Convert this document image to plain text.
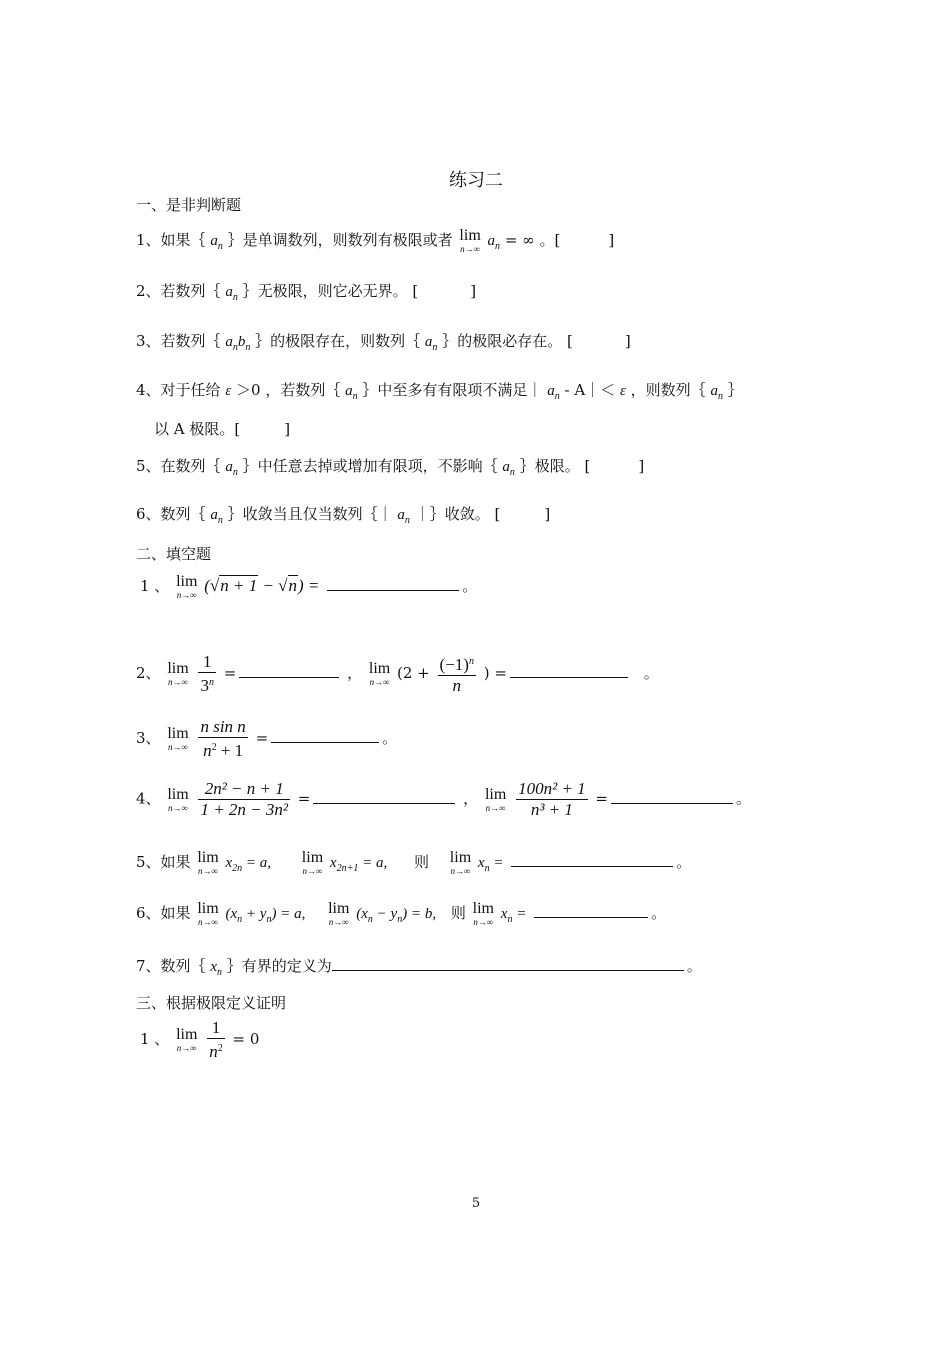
练习二
一、是非判断题
1、如果｛ $a_n$ ｝是单调数列，则数列有极限或者 lim
n→∞ $a_n$ = ∞ 。[	]
2、若数列｛ $a_n$ ｝无极限，则它必无界。 [	]
3、若数列｛ $a_nb_n$ ｝的极限存在，则数列｛ $a_n$ ｝的极限必存在。 [	]
4、对于任给 ε ＞0 ，若数列｛ $a_n$ ｝中至多有有限项不满足｜ $a_n$ - A｜＜ ε ，则数列｛ $a_n$ ｝
以 A 极限。[	]
5、在数列｛ $a_n$ ｝中任意去掉或增加有限项，不影响｛ $a_n$ ｝极限。 [	]
6、数列｛ $a_n$ ｝收敛当且仅当数列｛｜ $a_n$ ｜｝收敛。 [	]
二、填空题
1 、 lim
n→∞ (√n + 1 − √n) =	。
2、 lim
n→∞
$\frac{1}{3^n}$ =	， lim
n→∞ ($2 + \frac{(-1)^n}{n}$ ) =	。
3、 lim
n→∞
$\frac{\text{n sin n}}{n^2 + 1}$ =	。
4、 lim
n→∞
$\frac{\text{2n² − n + 1}}{\text{1 + 2n − 3n²}}$ =	， lim
n→∞
$\frac{\text{100n² + 1}}{\text{n³ + 1}}$ =	。
5、如果 lim
n→∞ $x_{2n} = a$, lim
n→∞ $x_{2n+1} = a$, 则 lim
n→∞ $x_n$ =	。
6、如果 lim
n→∞ $(x_n + y_n) = a$, lim
n→∞ $(x_n - y_n) = b$, 则 lim
n→∞ $x_n$ =	。
7、数列｛ $x_n$ ｝有界的定义为	。
三、根据极限定义证明
1 、 lim
n→∞
$\frac{1}{n^2} = 0$
5
